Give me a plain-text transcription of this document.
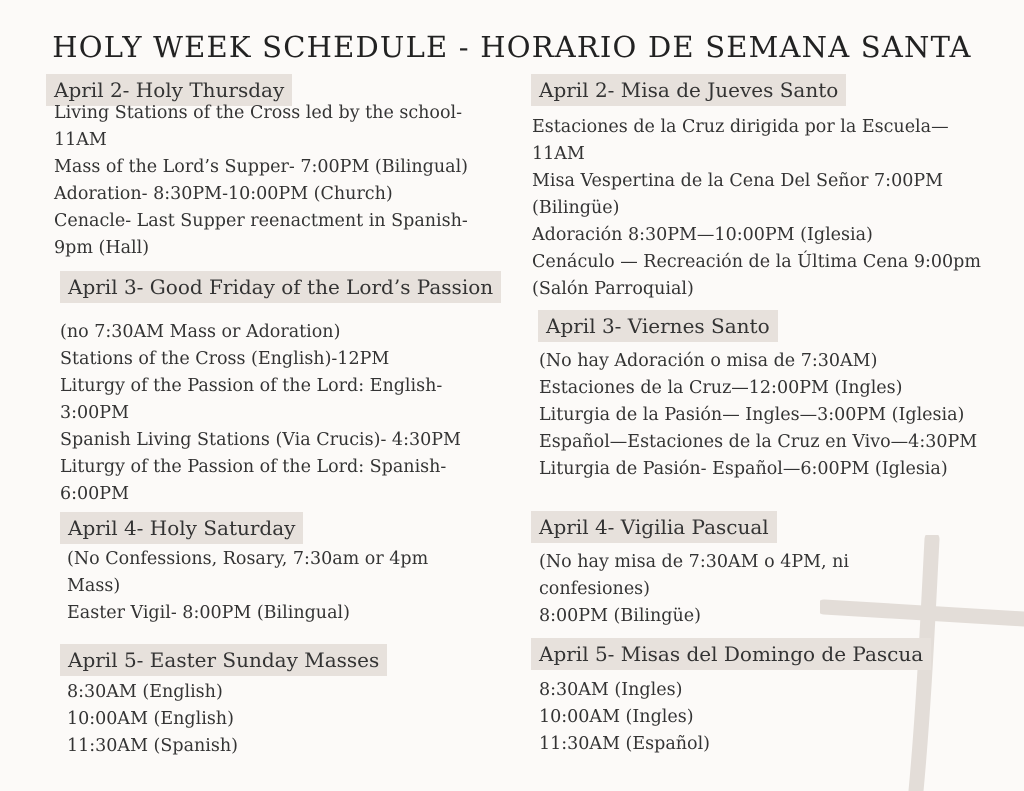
HOLY WEEK SCHEDULE - HORARIO DE SEMANA SANTA
April 2- Holy Thursday
Living Stations of the Cross led by the school-
11AM
Mass of the Lord’s Supper- 7:00PM (Bilingual)
Adoration- 8:30PM-10:00PM (Church)
Cenacle- Last Supper reenactment in Spanish-
9pm (Hall)
April 3- Good Friday of the Lord’s Passion
(no 7:30AM Mass or Adoration)
Stations of the Cross (English)-12PM
Liturgy of the Passion of the Lord: English-
3:00PM
Spanish Living Stations (Via Crucis)- 4:30PM
Liturgy of the Passion of the Lord: Spanish-
6:00PM
April 4- Holy Saturday
(No Confessions, Rosary, 7:30am or 4pm
Mass)
Easter Vigil- 8:00PM (Bilingual)
April 5- Easter Sunday Masses
8:30AM (English)
10:00AM (English)
11:30AM (Spanish)
April 2- Misa de Jueves Santo
Estaciones de la Cruz dirigida por la Escuela—
11AM
Misa Vespertina de la Cena Del Señor 7:00PM
(Bilingüe)
Adoración 8:30PM—10:00PM (Iglesia)
Cenáculo — Recreación de la Última Cena 9:00pm
(Salón Parroquial)
April 3- Viernes Santo
(No hay Adoración o misa de 7:30AM)
Estaciones de la Cruz—12:00PM (Ingles)
Liturgia de la Pasión— Ingles—3:00PM (Iglesia)
Español—Estaciones de la Cruz en Vivo—4:30PM
Liturgia de Pasión- Español—6:00PM (Iglesia)
April 4- Vigilia Pascual
(No hay misa de 7:30AM o 4PM, ni
confesiones)
8:00PM (Bilingüe)
April 5- Misas del Domingo de Pascua
8:30AM (Ingles)
10:00AM (Ingles)
11:30AM (Español)
